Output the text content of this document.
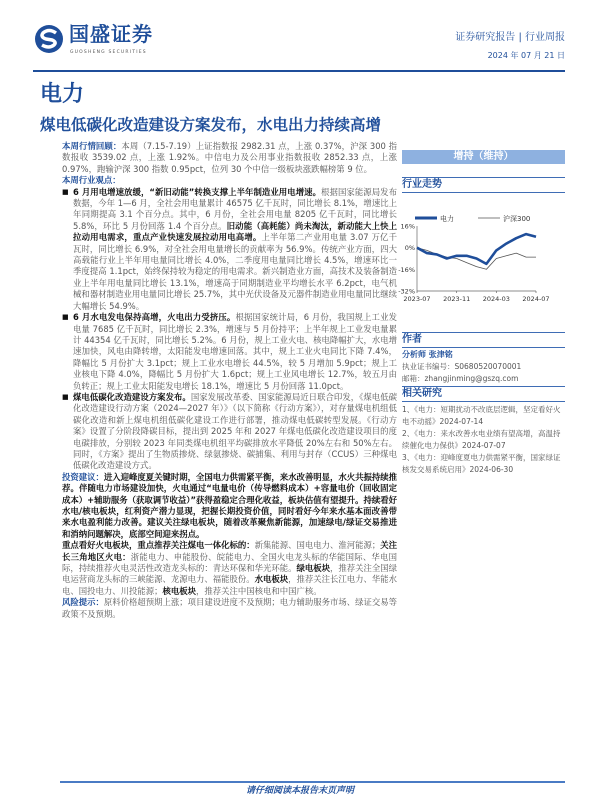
国盛证券
GUOSHENG SECURITIES
证券研究报告 | 行业周报
2024 年 07 月 21 日
电力
煤电低碳化改造建设方案发布，水电出力持续高增

本周行情回顾：本周（7.15-7.19）上证指数报 2982.31 点，上涨 0.37%，沪深 300 指数报收 3539.02 点，上涨 1.92%。中信电力及公用事业指数报收 2852.33 点，上涨 0.97%，跑输沪深 300 指数 0.95pct，位列 30 个中信一级板块涨跌幅榜第 9 位。

本周行业观点：

■ 6 月用电增速放缓，“新旧动能”转换支撑上半年制造业用电增速。根据国家能源局发布数据，今年 1—6 月，全社会用电量累计 46575 亿千瓦时，同比增长 8.1%，增速比上年同期提高 3.1 个百分点。其中，6 月份，全社会用电量 8205 亿千瓦时，同比增长 5.8%，环比 5 月份回落 1.4 个百分点。旧动能（高耗能）尚未淘汰，新动能大上快上拉动用电需求，重点产业快速发展拉动用电高增。上半年第二产业用电量 3.07 万亿千瓦时，同比增长 6.9%，对全社会用电量增长的贡献率为 56.9%。传统产业方面，四大高载能行业上半年用电量同比增长 4.0%，二季度用电量同比增长 4.5%，增速环比一季度提高 1.1pct，始终保持较为稳定的用电需求。新兴制造业方面，高技术及装备制造业上半年用电量同比增长 13.1%，增速高于同期制造业平均增长水平 6.2pct，电气机械和器材制造业用电量同比增长 25.7%，其中光伏设备及元器件制造业用电量同比继续大幅增长 54.9%。

■ 6 月水电发电保持高增，火电出力受挤压。根据国家统计局，6 月份，我国规上工业发电量 7685 亿千瓦时，同比增长 2.3%，增速与 5 月份持平；上半年规上工业发电量累计 44354 亿千瓦时，同比增长 5.2%。6 月份，规上工业火电、核电降幅扩大，水电增速加快，风电由降转增，太阳能发电增速回落。其中，规上工业火电同比下降 7.4%，降幅比 5 月份扩大 3.1pct；规上工业水电增长 44.5%，较 5 月增加 5.9pct；规上工业核电下降 4.0%，降幅比 5 月份扩大 1.6pct；规上工业风电增长 12.7%，较五月由负转正；规上工业太阳能发电增长 18.1%，增速比 5 月份回落 11.0pct。

■ 煤电低碳化改造建设方案发布。国家发展改革委、国家能源局近日联合印发，《煤电低碳化改造建设行动方案（2024—2027 年）》（以下简称《行动方案》），对存量煤电机组低碳化改造和新上煤电机组低碳化建设工作进行部署，推动煤电低碳转型发展。《行动方案》设置了分阶段降碳目标，提出到 2025 年和 2027 年煤电低碳化改造建设项目的度电碳排放，分别较 2023 年同类煤电机组平均碳排放水平降低 20%左右和 50%左右。同时，《方案》提出了生物质掺烧、绿氨掺烧、碳捕集、利用与封存（CCUS）三种煤电低碳化改造建设方式。

投资建议：进入迎峰度夏关键时期，全国电力供需紧平衡，来水改善明显，水火共振持续推荐。伴随电力市场建设加快，火电通过“电量电价（传导燃料成本）+容量电价（回收固定成本）+辅助服务（获取调节收益）”获得盈稳定合理化收益，板块估值有望提升。持续看好水电/核电板块，红利资产潜力显现，把握长期投资价值，同时看好今年来水基本面改善带来水电盈利能力改善。建议关注绿电板块，随着改革聚焦新能源，加速绿电/绿证交易推进和消纳问题解决，底部空间迎来拐点。

重点看好火电板块，重点推荐关注煤电一体化标的：新集能源、国电电力、淮河能源；关注长三角地区火电：浙能电力、申能股份、皖能电力、全国火电龙头标的华能国际、华电国际，持续推荐火电灵活性改造龙头标的：青达环保和华光环能。绿电板块，推荐关注全国绿电运营商龙头标的三峡能源、龙源电力、福能股份。水电板块，推荐关注长江电力、华能水电、国投电力、川投能源；核电板块，推荐关注中国核电和中国广核。

风险提示：原料价格超预期上涨；项目建设进度不及预期；电力辅助服务市场、绿证交易等政策不及预期。

增持（维持）
行业走势
电力	沪深300
16%
0%
-16%
-32%
2023-07 2023-11 2024-03 2024-07
作者
分析师 张津铭
执业证书编号：S0680520070001
邮箱：zhangjinming@gszq.com
相关研究
1、《电力：短期扰动不改底层逻辑，坚定看好火电不动摇》2024-07-14
2、《电力：来水改善水电业绩有望高增，高温持续催化电力保供》2024-07-07
3、《电力：迎峰度夏电力供需紧平衡，国家绿证核发交易系统启用》2024-06-30
请仔细阅读本报告末页声明
